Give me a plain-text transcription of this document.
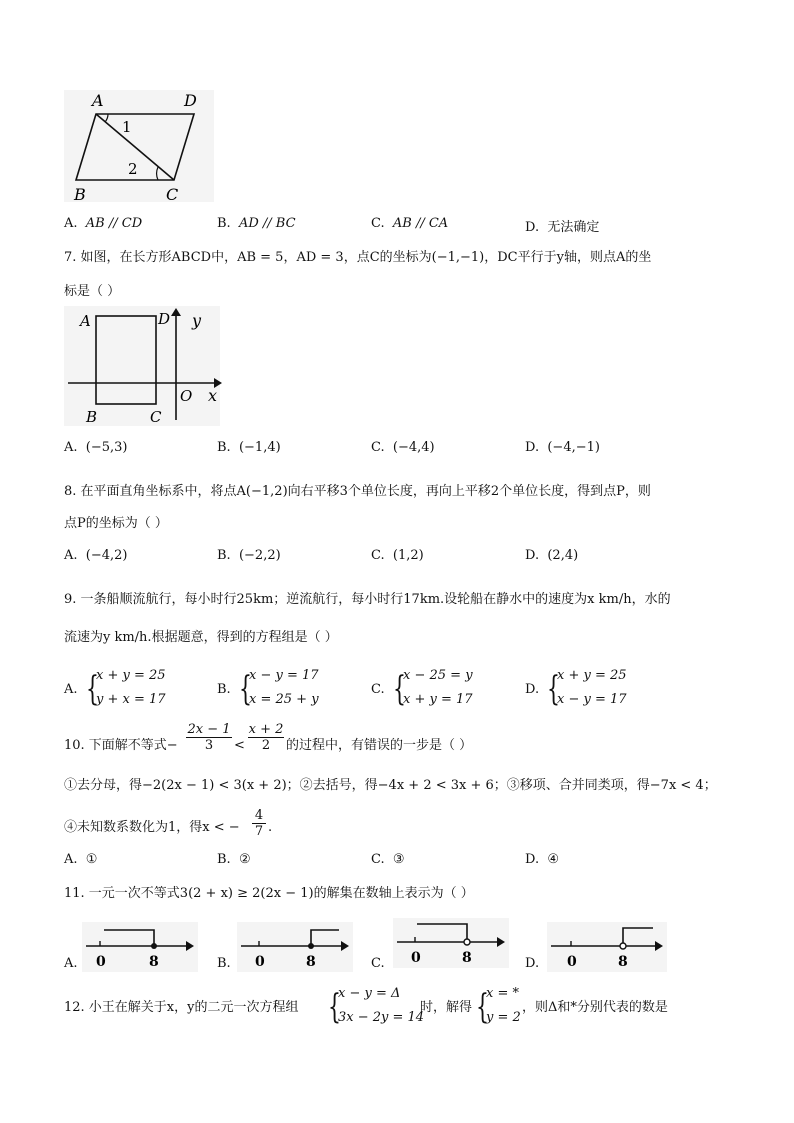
A	D
B	C
1
2
A. AB // CD	B. AD // BC	C. AB // CA	D. 无法确定
7. 如图，在长方形ABCD中，AB = 5，AD = 3，点C的坐标为(−1,−1)，DC平行于y轴，则点A的坐
标是（ ）
A	D y
B	C
O x
A. (−5,3)	B. (−1,4)	C. (−4,4)	D. (−4,−1)
8. 在平面直角坐标系中，将点A(−1,2)向右平移3个单位长度，再向上平移2个单位长度，得到点P，则
点P的坐标为（ ）
A. (−4,2)	B. (−2,2)	C. (1,2)	D. (2,4)
9. 一条船顺流航行，每小时行25km；逆流航行，每小时行17km.设轮船在静水中的速度为x km/h，水的
流速为y km/h.根据题意，得到的方程组是（ ）
A. {
x + y = 25
y + x = 17
B. {
x − y = 17
x = 25 + y
C. {
x − 25 = y
x + y = 17
D. {
x + y = 25
x − y = 17
10. 下面解不等式− $\frac{2x - 1}{3} < \frac{x + 2}{2}$ 的过程中，有错误的一步是（ ）
①去分母，得−2(2x − 1) < 3(x + 2)；②去括号，得−4x + 2 < 3x + 6；③移项、合并同类项，得−7x < 4；
④未知数系数化为1，得x < − $\frac{4}{7}$ .
A. ①	B. ②	C. ③	D. ④
11. 一元一次不等式3(2 + x) ≥ 2(2x − 1)的解集在数轴上表示为（ ）
A. 0	8	B. 0	8	C. 0	8	D. 0	8
12. 小王在解关于x，y的二元一次方程组 {
x − y = Δ
3x − 2y = 14
时，解得 {
x = *
y = 2
，则Δ和*分别代表的数是
